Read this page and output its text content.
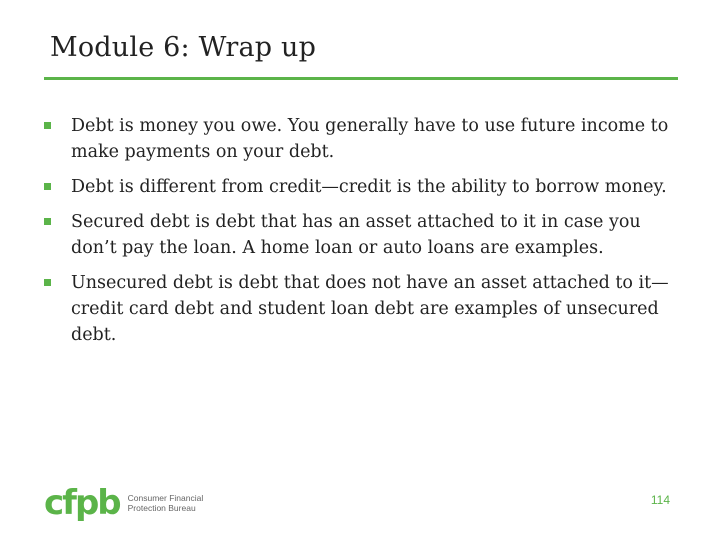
Module 6: Wrap up
Debt is money you owe. You generally have to use future income to make payments on your debt.
Debt is different from credit—credit is the ability to borrow money.
Secured debt is debt that has an asset attached to it in case you don’t pay the loan. A home loan or auto loans are examples.
Unsecured debt is debt that does not have an asset attached to it—credit card debt and student loan debt are examples of unsecured debt.
cfpb Consumer Financial
Protection Bureau
114
